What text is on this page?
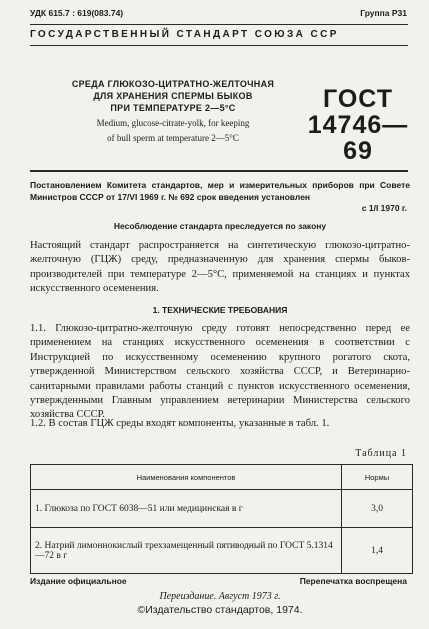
УДК 615.7 : 619(083.74)	Группа Р31
ГОСУДАРСТВЕННЫЙ СТАНДАРТ СОЮЗА ССР
СРЕДА ГЛЮКОЗО-ЦИТРАТНО-ЖЕЛТОЧНАЯ
ДЛЯ ХРАНЕНИЯ СПЕРМЫ БЫКОВ
ПРИ ТЕМПЕРАТУРЕ 2—5°С
Medium, glucose-citrate-yolk, for keeping
of bull sperm at temperature 2—5°C
ГОСТ
14746—69
Постановлением Комитета стандартов, мер и измерительных приборов при Совете Министров СССР от 17/VI 1969 г. № 692 срок введения установлен
с 1/I 1970 г.
Несоблюдение стандарта преследуется по закону
Настоящий стандарт распространяется на синтетическую глюкозо-цитратно-желточную (ГЦЖ) среду, предназначенную для хранения спермы быков-производителей при температуре 2—5°С, применяемой на станциях и пунктах искусственного осеменения.
1. ТЕХНИЧЕСКИЕ ТРЕБОВАНИЯ
1.1. Глюкозо-цитратно-желточную среду готовят непосредственно перед ее применением на станциях искусственного осеменения в соответствии с Инструкцией по искусственному осеменению крупного рогатого скота, утвержденной Министерством сельского хозяйства СССР, и Ветеринарно-санитарными правилами работы станций с пунктов искусственного осеменения, утвержденными Главным управлением ветеринарии Министерства сельского хозяйства СССР.
1.2. В состав ГЦЖ среды входят компоненты, указанные в табл. 1.
Таблица 1
Наименования компонентов	Нормы
1. Глюкоза по ГОСТ 6038—51 или медицинская в г	3,0
2. Натрий лимоннокислый трехзамещенный пятиводный по ГОСТ 5.1314—72 в г	1,4
Издание официальное	Перепечатка воспрещена
Переиздание. Август 1973 г.
©Издательство стандартов, 1974.
